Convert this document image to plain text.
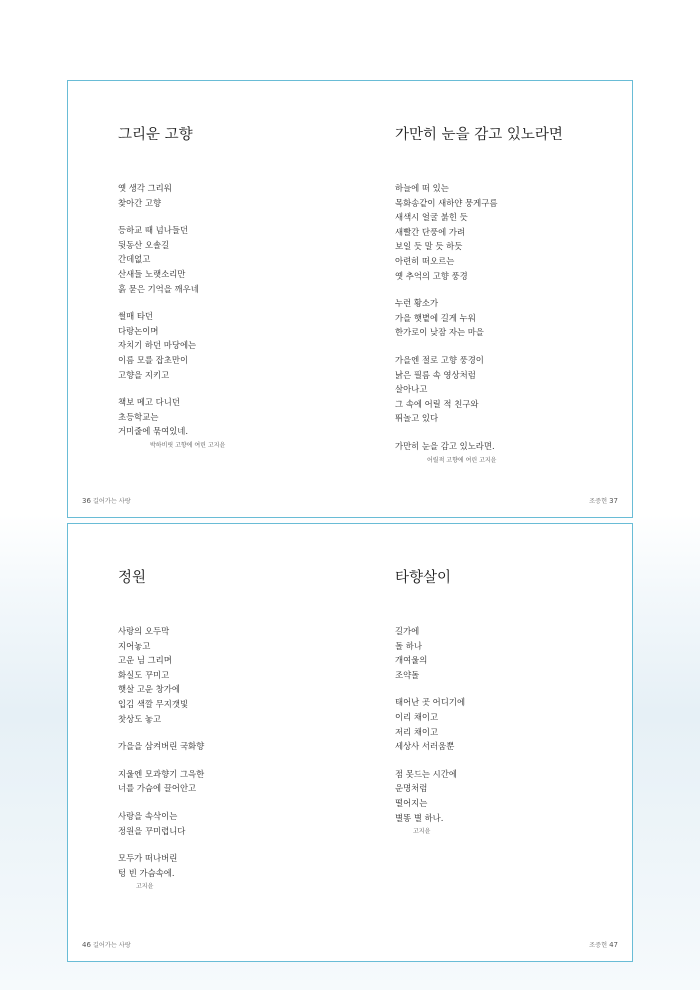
그리운 고향
옛 생각 그리워
찾아간 고향
등하교 때 넘나들던
뒷동산 오솔길
간데없고
산새들 노랫소리만
흙 묻은 기억을 깨우네
썰매 타던
다랑논이며
자치기 하던 마당에는
이름 모를 잡초만이
고향을 지키고
책보 메고 다니던
초등학교는
거미줄에 묶여있네.
박하비릿 고향에 여린 고지윤
가만히 눈을 감고 있노라면
하늘에 떠 있는
목화송같이 새하얀 뭉게구름
새색시 얼굴 붉힌 듯
새빨간 단풍에 가려
보일 듯 말 듯 하듯
아련히 떠오르는
옛 추억의 고향 풍경
누런 황소가
가을 햇볕에 길게 누워
한가로이 낮잠 자는 마을
가을엔 절로 고향 풍경이
낡은 필름 속 영상처럼
살아나고
그 속에 어릴 적 친구와
뛰놀고 있다
가만히 눈을 감고 있노라면.
어릴적 고향에 여린 고지윤
36 길어가는 사랑	조증헌 37
정원
사랑의 오두막
지어놓고
고운 님 그리며
화실도 꾸미고
햇살 고운 창가에
입김 색깔 무지갯빛
찻상도 놓고
가을을 삼켜버린 국화향
지울엔 모과향기 그윽한
너를 가슴에 끌어안고
사랑을 속삭이는
정원을 꾸미렵니다
모두가 떠나버린
텅 빈 가슴속에.
고지윤
타향살이
길가에
돌 하나
개여울의
조약돌
태어난 곳 어디기에
이리 채이고
저리 채이고
세상사 서러움뿐
점 못드는 시간에
운명처럼
떨어지는
별똥 별 하나.
고지윤
46 길어가는 사랑	조증헌 47
